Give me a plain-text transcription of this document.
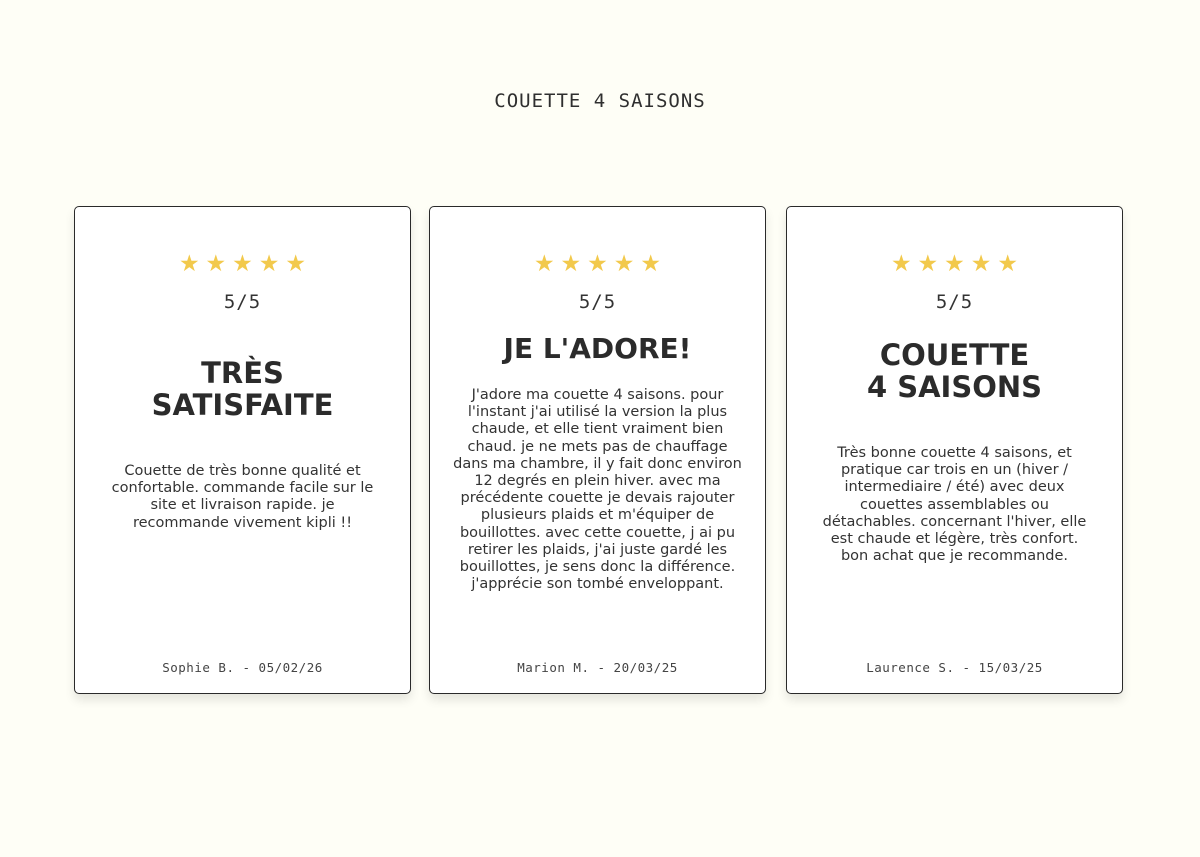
COUETTE 4 SAISONS
★★★★★
5/5
TRÈS
SATISFAITE
Couette de très bonne qualité et confortable. commande facile sur le site et livraison rapide. je recommande vivement kipli !!
Sophie B. - 05/02/26
★★★★★
5/5
JE L'ADORE!
J'adore ma couette 4 saisons. pour l'instant j'ai utilisé la version la plus chaude, et elle tient vraiment bien chaud. je ne mets pas de chauffage dans ma chambre, il y fait donc environ 12 degrés en plein hiver. avec ma précédente couette je devais rajouter plusieurs plaids et m'équiper de bouillottes. avec cette couette, j ai pu retirer les plaids, j'ai juste gardé les bouillottes, je sens donc la différence. j'apprécie son tombé enveloppant.
Marion M. - 20/03/25
★★★★★
5/5
COUETTE
4 SAISONS
Très bonne couette 4 saisons, et pratique car trois en un (hiver / intermediaire / été) avec deux couettes assemblables ou détachables. concernant l'hiver, elle est chaude et légère, très confort. bon achat que je recommande.
Laurence S. - 15/03/25
